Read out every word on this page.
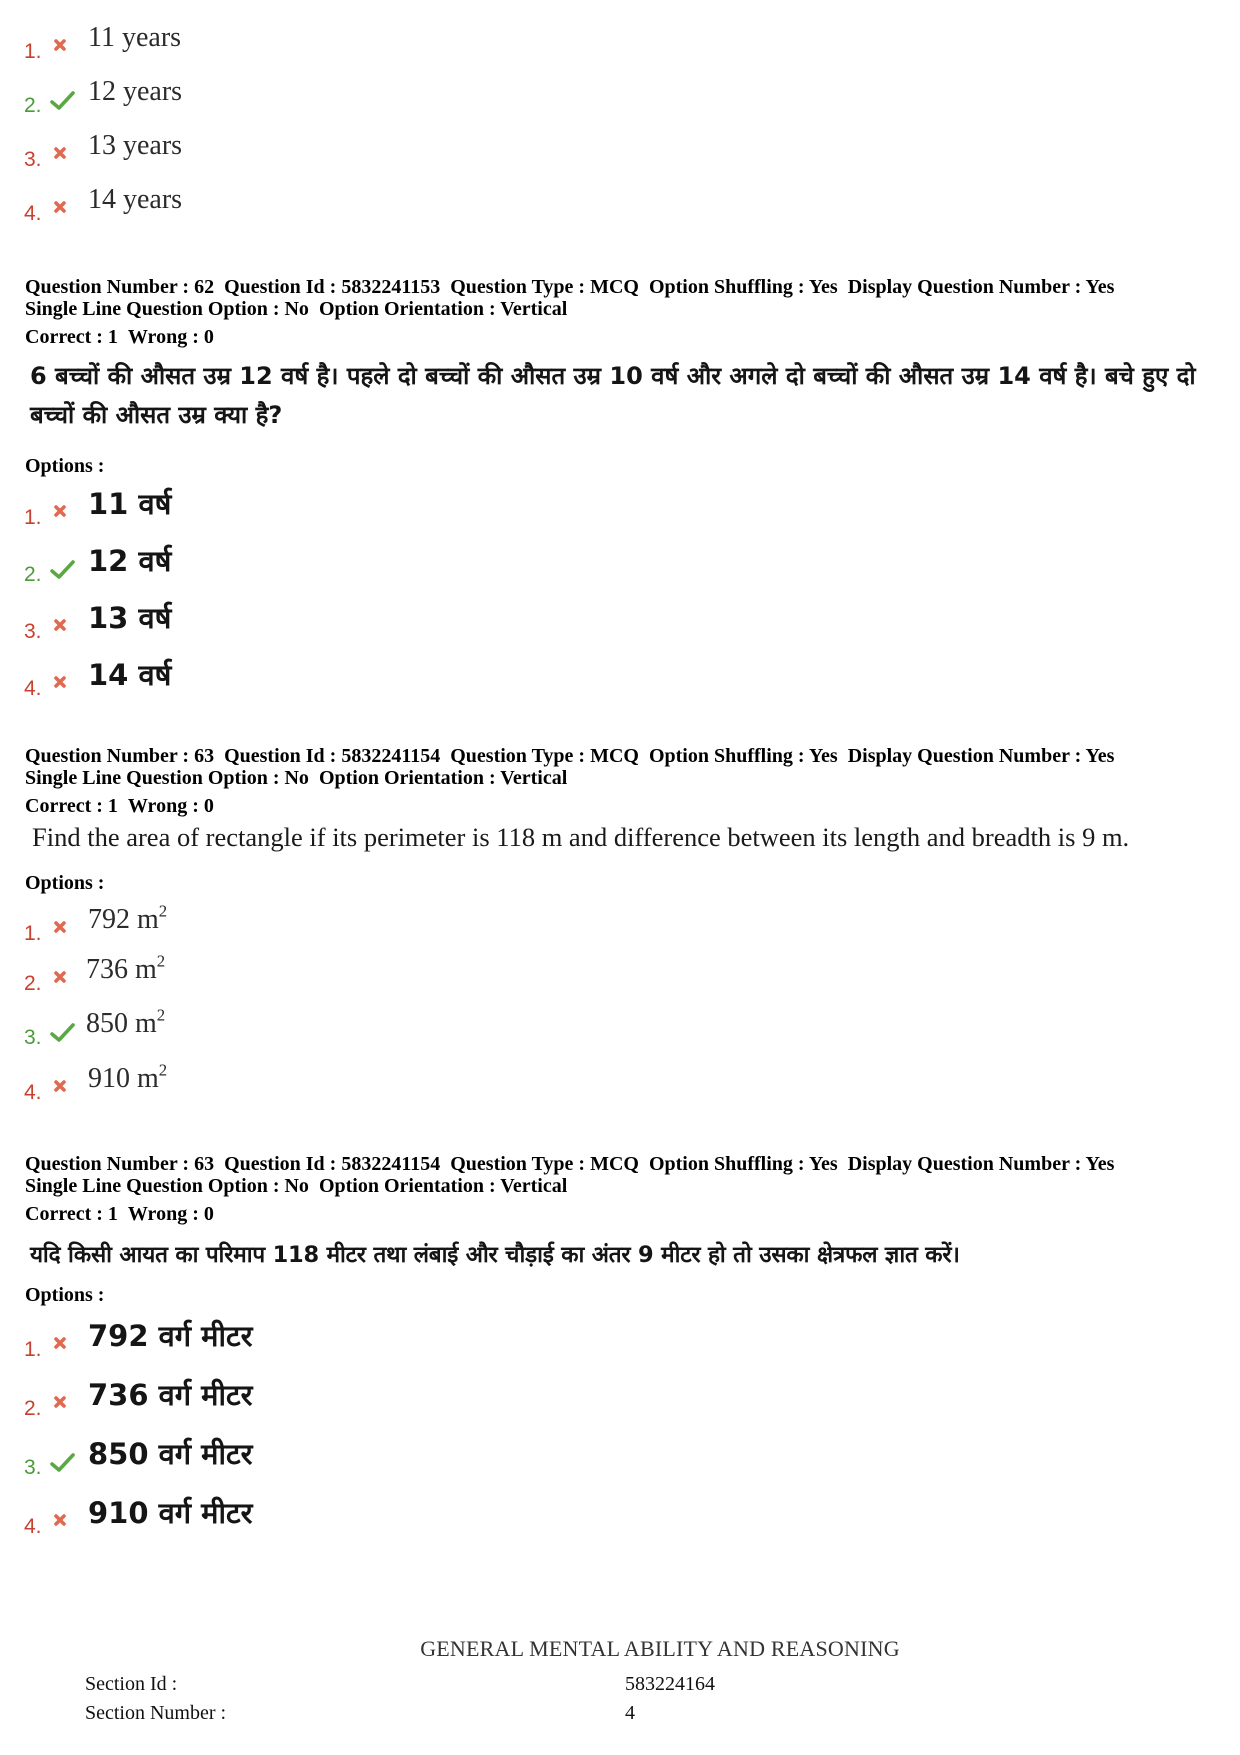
1. 11 years
2. 12 years
3. 13 years
4. 14 years
Question Number : 62 Question Id : 5832241153 Question Type : MCQ Option Shuffling : Yes Display Question Number : Yes
Single Line Question Option : No Option Orientation : Vertical
Correct : 1 Wrong : 0
6 बच्चों की औसत उम्र 12 वर्ष है। पहले दो बच्चों की औसत उम्र 10 वर्ष और अगले दो बच्चों की औसत उम्र 14 वर्ष है। बचे हुए दो बच्चों की औसत उम्र क्या है?
Options :
1. 11 वर्ष
2. 12 वर्ष
3. 13 वर्ष
4. 14 वर्ष
Question Number : 63 Question Id : 5832241154 Question Type : MCQ Option Shuffling : Yes Display Question Number : Yes
Single Line Question Option : No Option Orientation : Vertical
Correct : 1 Wrong : 0
Find the area of rectangle if its perimeter is 118 m and difference between its length and breadth is 9 m.
Options :
1. 792 $m^2$
2. 736 $m^2$
3. 850 $m^2$
4. 910 $m^2$
Question Number : 63 Question Id : 5832241154 Question Type : MCQ Option Shuffling : Yes Display Question Number : Yes
Single Line Question Option : No Option Orientation : Vertical
Correct : 1 Wrong : 0
यदि किसी आयत का परिमाप 118 मीटर तथा लंबाई और चौड़ाई का अंतर 9 मीटर हो तो उसका क्षेत्रफल ज्ञात करें।
Options :
1. 792 वर्ग मीटर
2. 736 वर्ग मीटर
3. 850 वर्ग मीटर
4. 910 वर्ग मीटर
GENERAL MENTAL ABILITY AND REASONING
Section Id :	583224164
Section Number :	4
